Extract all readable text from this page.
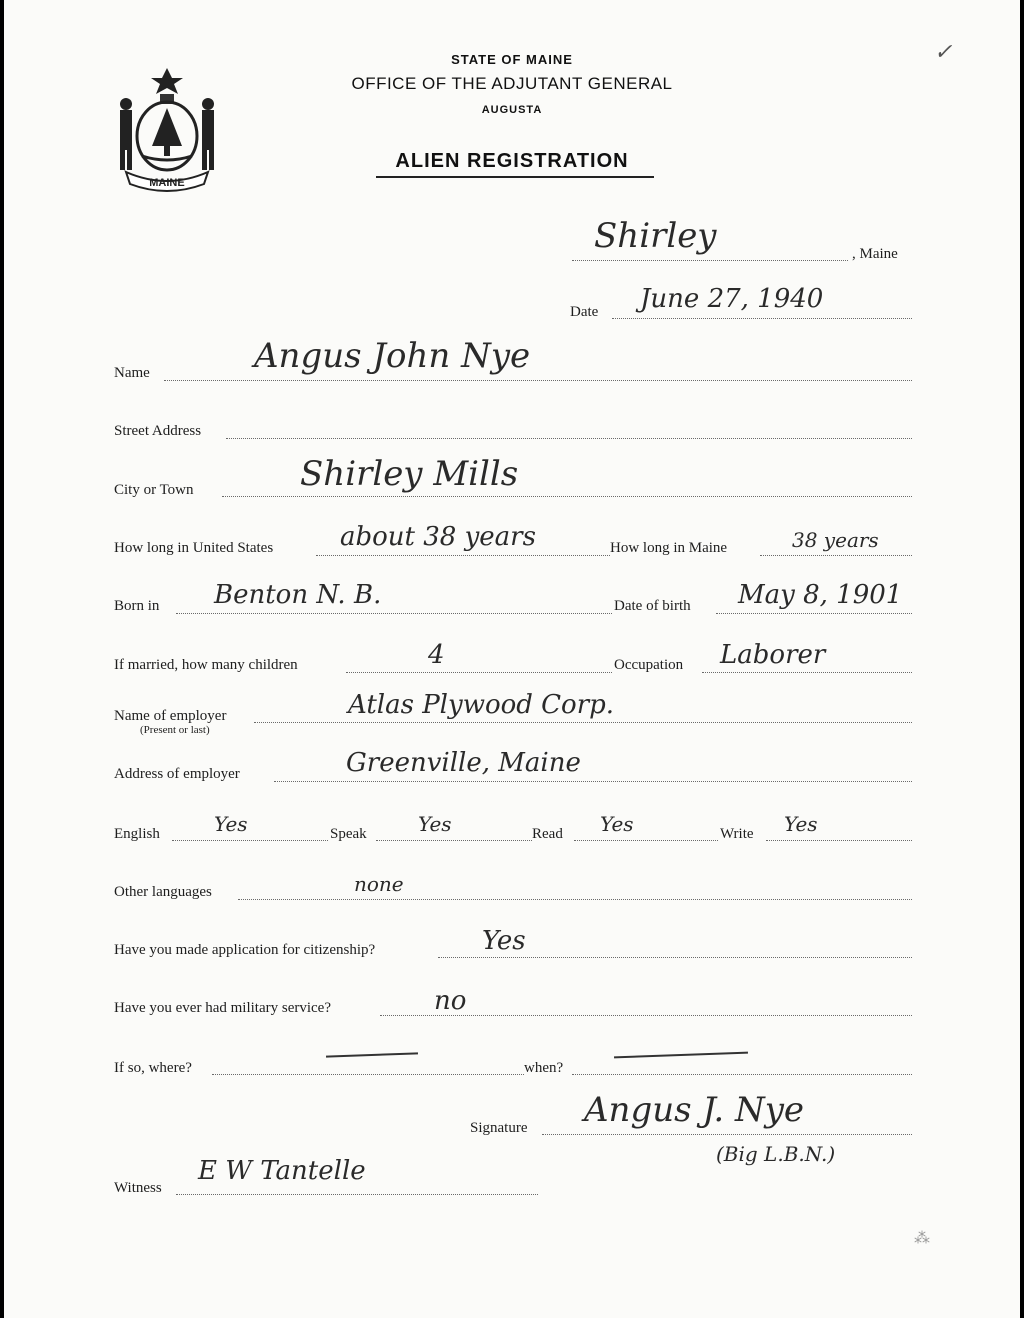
MAINE
STATE OF MAINE
OFFICE OF THE ADJUTANT GENERAL
AUGUSTA
ALIEN REGISTRATION
✓
Shirley	, Maine
Date June 27, 1940
Name	Angus John Nye
Street Address
City or Town	Shirley Mills
How long in United States	about 38 years	How long in Maine	38 years
Born in Benton N. B.	Date of birth May 8, 1901
If married, how many children	4	Occupation Laborer
Name of employer
(Present or last)
Atlas Plywood Corp.
Address of employer	Greenville, Maine
English	Yes	Speak	Yes	Read Yes	Write Yes
Other languages	none
Have you made application for citizenship?	Yes
Have you ever had military service?	no
If so, where?	when?
Signature Angus J. Nye
(Big L.B.N.)
Witness
E W Tantelle
⁂
